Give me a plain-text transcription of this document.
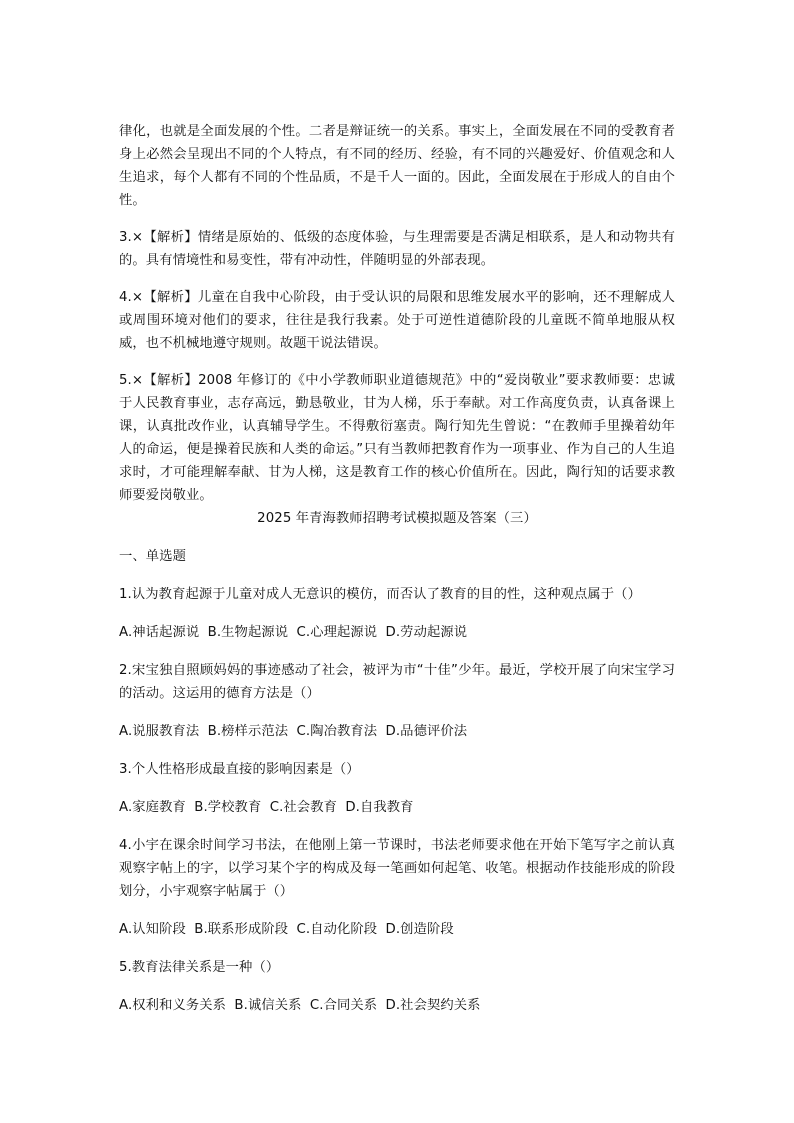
律化，也就是全面发展的个性。二者是辩证统一的关系。事实上，全面发展在不同的受教育者身上必然会呈现出不同的个人特点，有不同的经历、经验，有不同的兴趣爱好、价值观念和人生追求，每个人都有不同的个性品质，不是千人一面的。因此，全面发展在于形成人的自由个性。

3.×【解析】情绪是原始的、低级的态度体验，与生理需要是否满足相联系，是人和动物共有的。具有情境性和易变性，带有冲动性，伴随明显的外部表现。

4.×【解析】儿童在自我中心阶段，由于受认识的局限和思维发展水平的影响，还不理解成人或周围环境对他们的要求，往往是我行我素。处于可逆性道德阶段的儿童既不简单地服从权威，也不机械地遵守规则。故题干说法错误。

5.×【解析】2008 年修订的《中小学教师职业道德规范》中的“爱岗敬业”要求教师要：忠诚于人民教育事业，志存高远，勤恳敬业，甘为人梯，乐于奉献。对工作高度负责，认真备课上课，认真批改作业，认真辅导学生。不得敷衍塞责。陶行知先生曾说：“在教师手里操着幼年人的命运，便是操着民族和人类的命运。”只有当教师把教育作为一项事业、作为自己的人生追求时，才可能理解奉献、甘为人梯，这是教育工作的核心价值所在。因此，陶行知的话要求教师要爱岗敬业。

2025 年青海教师招聘考试模拟题及答案（三）
一、单选题

1.认为教育起源于儿童对成人无意识的模仿，而否认了教育的目的性，这种观点属于（）

A.神话起源说 B.生物起源说 C.心理起源说 D.劳动起源说

2.宋宝独自照顾妈妈的事迹感动了社会，被评为市“十佳”少年。最近，学校开展了向宋宝学习的活动。这运用的德育方法是（）

A.说服教育法 B.榜样示范法 C.陶冶教育法 D.品德评价法

3.个人性格形成最直接的影响因素是（）

A.家庭教育 B.学校教育 C.社会教育 D.自我教育

4.小宇在课余时间学习书法，在他刚上第一节课时，书法老师要求他在开始下笔写字之前认真观察字帖上的字，以学习某个字的构成及每一笔画如何起笔、收笔。根据动作技能形成的阶段划分，小宇观察字帖属于（）

A.认知阶段 B.联系形成阶段 C.自动化阶段 D.创造阶段

5.教育法律关系是一种（）

A.权利和义务关系 B.诚信关系 C.合同关系 D.社会契约关系
